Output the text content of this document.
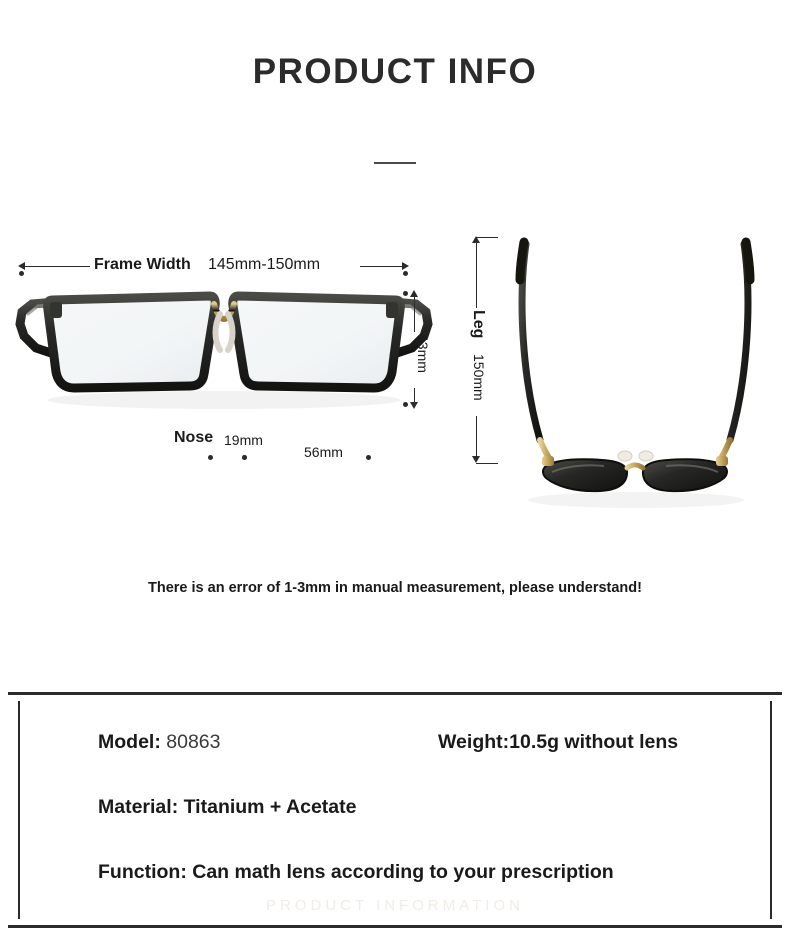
PRODUCT INFO
Frame Width 145mm-150mm
43mm
Nose 19mm
56mm
Leg
150mm
There is an error of 1-3mm in manual measurement, please understand!
Model: 80863	Weight:10.5g without lens
Material: Titanium + Acetate
Function: Can math lens according to your prescription
PRODUCT INFORMATION
